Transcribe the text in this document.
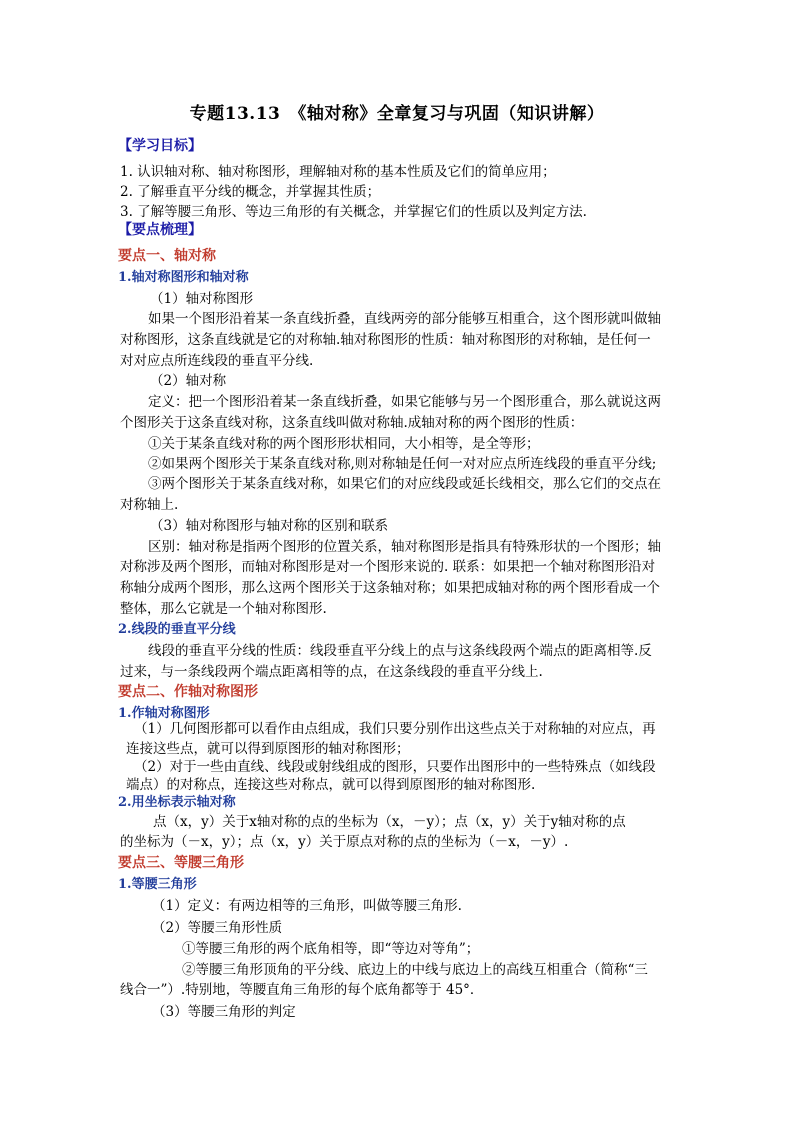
专题13.13　《轴对称》全章复习与巩固（知识讲解）
【学习目标】
1. 认识轴对称、轴对称图形，理解轴对称的基本性质及它们的简单应用；
2. 了解垂直平分线的概念，并掌握其性质；
3. 了解等腰三角形、等边三角形的有关概念，并掌握它们的性质以及判定方法.
【要点梳理】
要点一、轴对称
1.轴对称图形和轴对称
（1）轴对称图形
如果一个图形沿着某一条直线折叠，直线两旁的部分能够互相重合，这个图形就叫做轴
对称图形，这条直线就是它的对称轴.轴对称图形的性质：轴对称图形的对称轴，是任何一
对对应点所连线段的垂直平分线.
（2）轴对称
定义：把一个图形沿着某一条直线折叠，如果它能够与另一个图形重合，那么就说这两
个图形关于这条直线对称，这条直线叫做对称轴.成轴对称的两个图形的性质：
①关于某条直线对称的两个图形形状相同，大小相等，是全等形；
②如果两个图形关于某条直线对称,则对称轴是任何一对对应点所连线段的垂直平分线;
③两个图形关于某条直线对称，如果它们的对应线段或延长线相交，那么它们的交点在
对称轴上.
（3）轴对称图形与轴对称的区别和联系
区别：轴对称是指两个图形的位置关系，轴对称图形是指具有特殊形状的一个图形；轴
对称涉及两个图形，而轴对称图形是对一个图形来说的. 联系：如果把一个轴对称图形沿对
称轴分成两个图形，那么这两个图形关于这条轴对称；如果把成轴对称的两个图形看成一个
整体，那么它就是一个轴对称图形.
2.线段的垂直平分线
线段的垂直平分线的性质：线段垂直平分线上的点与这条线段两个端点的距离相等.反
过来，与一条线段两个端点距离相等的点，在这条线段的垂直平分线上.
要点二、作轴对称图形
1.作轴对称图形
（1）几何图形都可以看作由点组成，我们只要分别作出这些点关于对称轴的对应点，再
连接这些点，就可以得到原图形的轴对称图形；
（2）对于一些由直线、线段或射线组成的图形，只要作出图形中的一些特殊点（如线段
端点）的对称点，连接这些对称点，就可以得到原图形的轴对称图形.
2.用坐标表示轴对称
点（x，y）关于x轴对称的点的坐标为（x，－y）；点（x，y）关于y轴对称的点
的坐标为（－x，y）；点（x，y）关于原点对称的点的坐标为（－x，－y）.
要点三、等腰三角形
1.等腰三角形
（1）定义：有两边相等的三角形，叫做等腰三角形.
（2）等腰三角形性质
①等腰三角形的两个底角相等，即“等边对等角”；
②等腰三角形顶角的平分线、底边上的中线与底边上的高线互相重合（简称“三
线合一”）.特别地，等腰直角三角形的每个底角都等于 45°．
（3）等腰三角形的判定
